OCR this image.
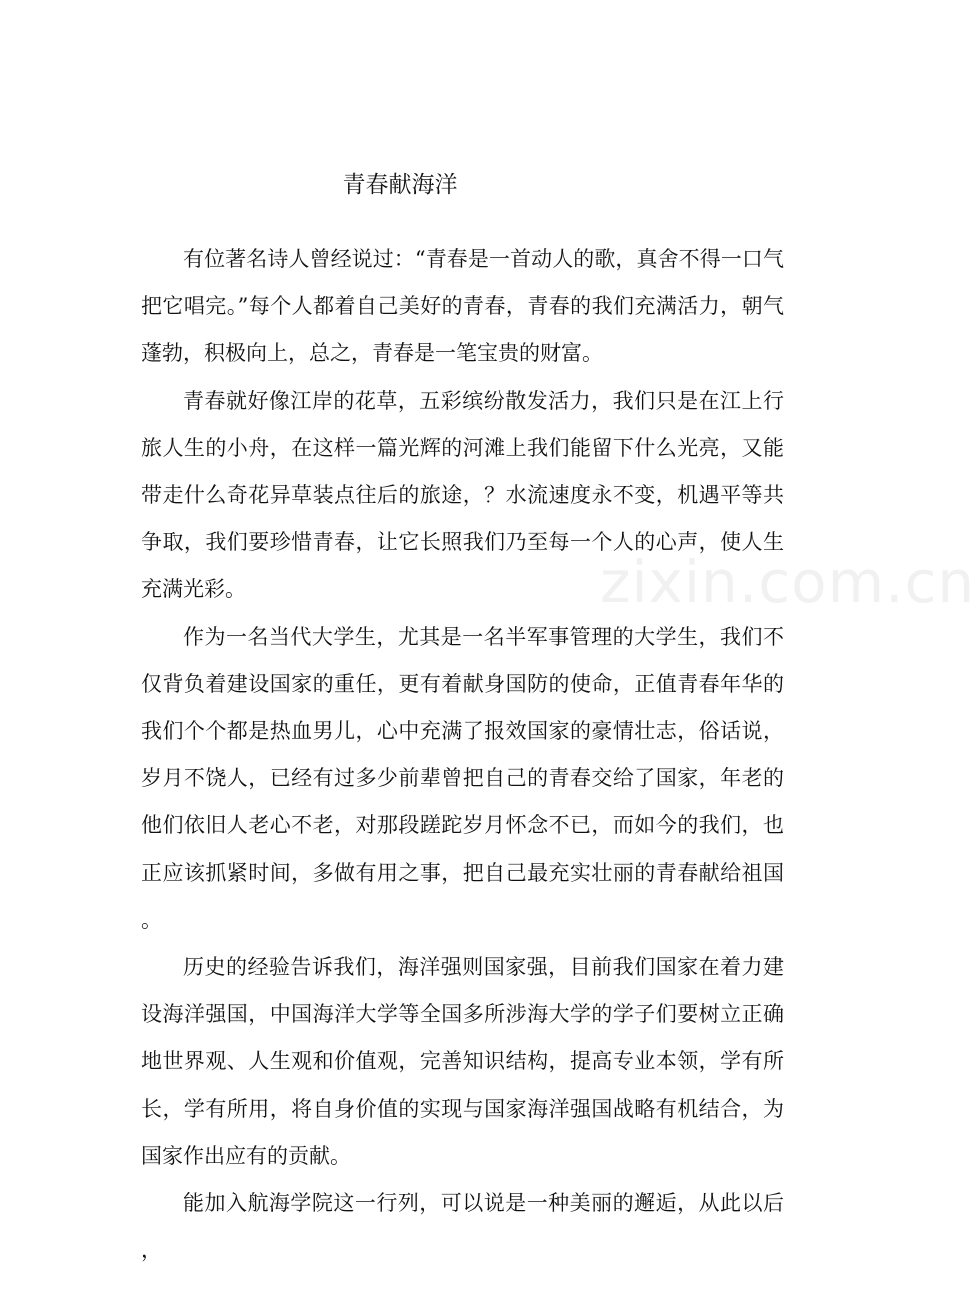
青春献海洋
zixin.com.cn

有位著名诗人曾经说过：“青春是一首动人的歌，真舍不得一口气把它唱完。”每个人都着自己美好的青春，青春的我们充满活力，朝气蓬勃，积极向上，总之，青春是一笔宝贵的财富。

青春就好像江岸的花草，五彩缤纷散发活力，我们只是在江上行旅人生的小舟，在这样一篇光辉的河滩上我们能留下什么光亮，又能带走什么奇花异草装点往后的旅途，？水流速度永不变，机遇平等共争取，我们要珍惜青春，让它长照我们乃至每一个人的心声，使人生充满光彩。

作为一名当代大学生，尤其是一名半军事管理的大学生，我们不仅背负着建设国家的重任，更有着献身国防的使命，正值青春年华的我们个个都是热血男儿，心中充满了报效国家的豪情壮志，俗话说，岁月不饶人，已经有过多少前辈曾把自己的青春交给了国家，年老的他们依旧人老心不老，对那段蹉跎岁月怀念不已，而如今的我们，也正应该抓紧时间，多做有用之事，把自己最充实壮丽的青春献给祖国。

历史的经验告诉我们，海洋强则国家强，目前我们国家在着力建设海洋强国，中国海洋大学等全国多所涉海大学的学子们要树立正确地世界观、人生观和价值观，完善知识结构，提高专业本领，学有所长，学有所用，将自身价值的实现与国家海洋强国战略有机结合，为国家作出应有的贡献。

能加入航海学院这一行列，可以说是一种美丽的邂逅，从此以后，
